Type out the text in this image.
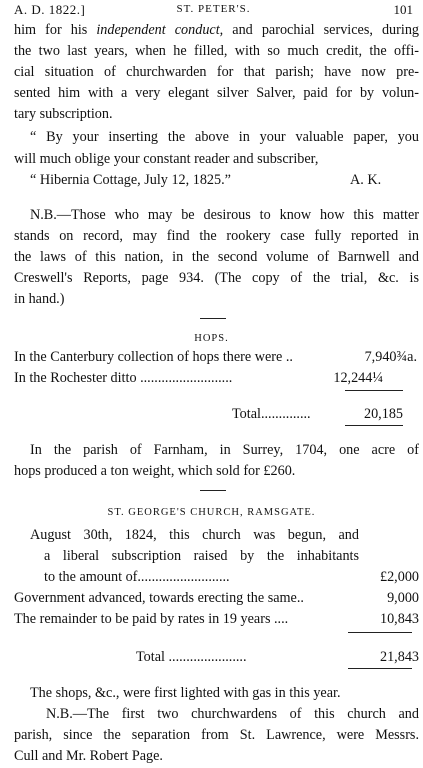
A. D. 1822.]	ST. PETER'S.	101
him for his independent conduct, and parochial services, during
the two last years, when he filled, with so much credit, the offi-
cial situation of churchwarden for that parish; have now pre-
sented him with a very elegant silver Salver, paid for by volun-
tary subscription.
“ By your inserting the above in your valuable paper, you
will much oblige your constant reader and subscriber,
“ Hibernia Cottage, July 12, 1825.”	A. K.
N.B.—Those who may be desirous to know how this matter
stands on record, may find the rookery case fully reported in
the laws of this nation, in the second volume of Barnwell and
Creswell's Reports, page 934. (The copy of the trial, &c. is
in hand.)
HOPS.
In the Canterbury collection of hops there were ..	7,940¾a.
In the Rochester ditto ..........................	12,244¼
Total..............	20,185
In the parish of Farnham, in Surrey, 1704, one acre of
hops produced a ton weight, which sold for £260.
ST. GEORGE'S CHURCH, RAMSGATE.
August 30th, 1824, this church was begun, and
a liberal subscription raised by the inhabitants
to the amount of..........................	£2,000
Government advanced, towards erecting the same..	9,000
The remainder to be paid by rates in 19 years ....	10,843
Total ......................	21,843
The shops, &c., were first lighted with gas in this year.
N.B.—The first two churchwardens of this church and
parish, since the separation from St. Lawrence, were Messrs.
Cull and Mr. Robert Page.
